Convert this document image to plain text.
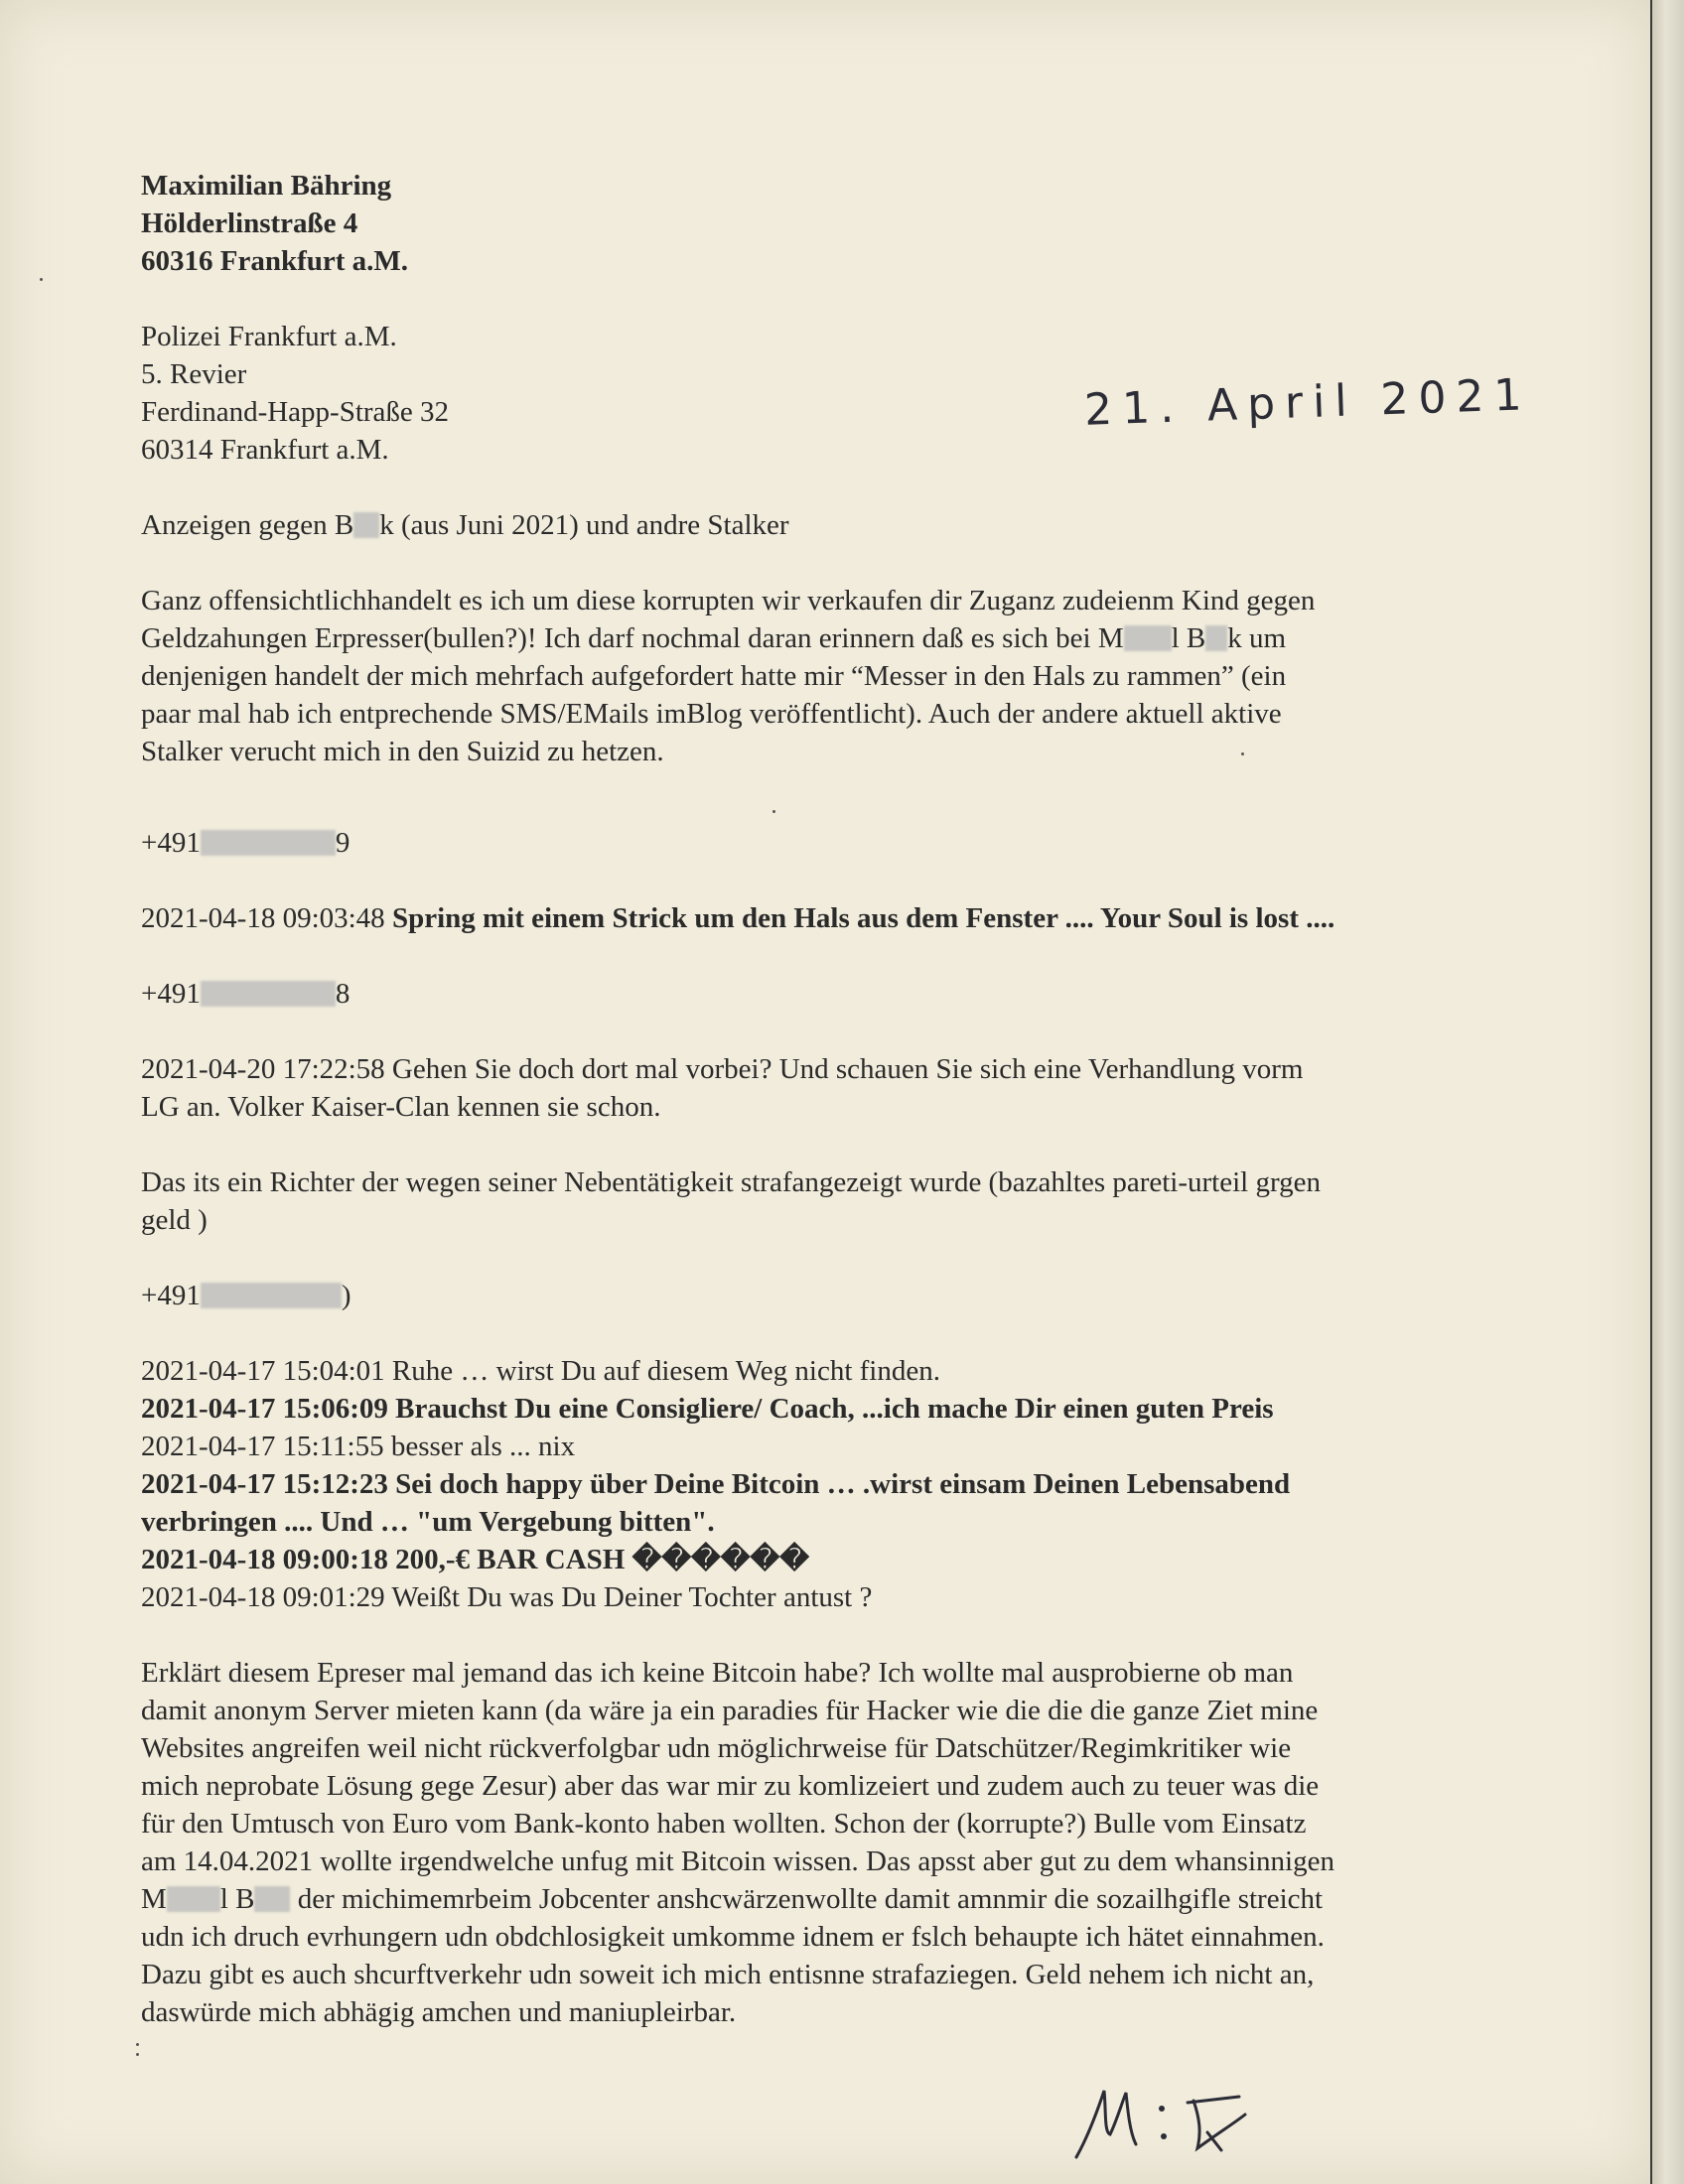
Maximilian Bähring
Hölderlinstraße 4
60316 Frankfurt a.M.
Polizei Frankfurt a.M.
5. Revier
Ferdinand-Happ-Straße 32
60314 Frankfurt a.M.
Anzeigen gegen B k (aus Juni 2021) und andre Stalker
Ganz offensichtlichhandelt es ich um diese korrupten wir verkaufen dir Zuganz zudeienm Kind gegen
Geldzahungen Erpresser(bullen?)! Ich darf nochmal daran erinnern daß es sich bei M l B k um
denjenigen handelt der mich mehrfach aufgefordert hatte mir “Messer in den Hals zu rammen” (ein
paar mal hab ich entprechende SMS/EMails imBlog veröffentlicht). Auch der andere aktuell aktive
Stalker verucht mich in den Suizid zu hetzen.
+491	9
2021-04-18 09:03:48 Spring mit einem Strick um den Hals aus dem Fenster .... Your Soul is lost ....
+491	8
2021-04-20 17:22:58 Gehen Sie doch dort mal vorbei? Und schauen Sie sich eine Verhandlung vorm
LG an. Volker Kaiser-Clan kennen sie schon.
Das its ein Richter der wegen seiner Nebentätigkeit strafangezeigt wurde (bazahltes pareti-urteil grgen
geld )
+491	)
2021-04-17 15:04:01 Ruhe … wirst Du auf diesem Weg nicht finden.
2021-04-17 15:06:09 Brauchst Du eine Consigliere/ Coach, ...ich mache Dir einen guten Preis
2021-04-17 15:11:55 besser als ... nix
2021-04-17 15:12:23 Sei doch happy über Deine Bitcoin … .wirst einsam Deinen Lebensabend
verbringen .... Und … "um Vergebung bitten".
2021-04-18 09:00:18 200,-€ BAR CASH ������
2021-04-18 09:01:29 Weißt Du was Du Deiner Tochter antust ?
Erklärt diesem Epreser mal jemand das ich keine Bitcoin habe? Ich wollte mal ausprobierne ob man
damit anonym Server mieten kann (da wäre ja ein paradies für Hacker wie die die die ganze Ziet mine
Websites angreifen weil nicht rückverfolgbar udn möglichrweise für Datschützer/Regimkritiker wie
mich neprobate Lösung gege Zesur) aber das war mir zu komlizeiert und zudem auch zu teuer was die
für den Umtusch von Euro vom Bank-konto haben wollten. Schon der (korrupte?) Bulle vom Einsatz
am 14.04.2021 wollte irgendwelche unfug mit Bitcoin wissen. Das apsst aber gut zu dem whansinnigen
M l B der michimemrbeim Jobcenter anshcwärzenwollte damit amnmir die sozailhgifle streicht
udn ich druch evrhungern udn obdchlosigkeit umkomme idnem er fslch behaupte ich hätet einnahmen.
Dazu gibt es auch shcurftverkehr udn soweit ich mich entisnne strafaziegen. Geld nehem ich nicht an,
daswürde mich abhägig amchen und maniupleirbar.
21. April 2021
